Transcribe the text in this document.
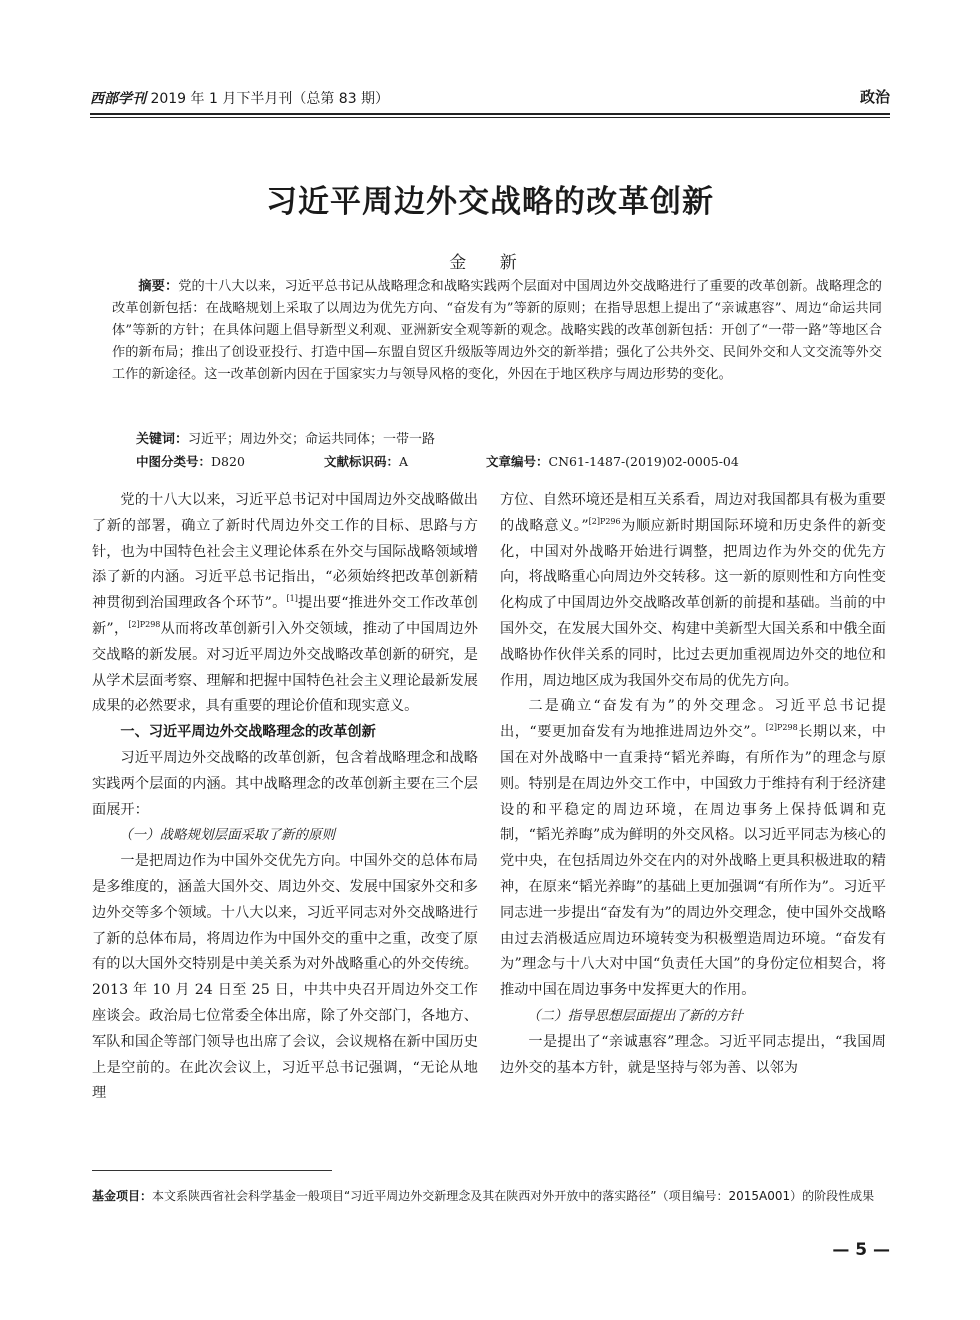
西部学刊 2019 年 1 月下半月刊（总第 83 期）	政治
习近平周边外交战略的改革创新
金 新

摘要：党的十八大以来，习近平总书记从战略理念和战略实践两个层面对中国周边外交战略进行了重要的改革创新。战略理念的改革创新包括：在战略规划上采取了以周边为优先方向、“奋发有为”等新的原则；在指导思想上提出了“亲诚惠容”、周边“命运共同体”等新的方针；在具体问题上倡导新型义利观、亚洲新安全观等新的观念。战略实践的改革创新包括：开创了“一带一路”等地区合作的新布局；推出了创设亚投行、打造中国—东盟自贸区升级版等周边外交的新举措；强化了公共外交、民间外交和人文交流等外交工作的新途径。这一改革创新内因在于国家实力与领导风格的变化，外因在于地区秩序与周边形势的变化。

关键词：习近平；周边外交；命运共同体；一带一路
中图分类号：D820	文献标识码：A	文章编号：CN61-1487-(2019)02-0005-04

党的十八大以来，习近平总书记对中国周边外交战略做出了新的部署，确立了新时代周边外交工作的目标、思路与方针，也为中国特色社会主义理论体系在外交与国际战略领域增添了新的内涵。习近平总书记指出，“必须始终把改革创新精神贯彻到治国理政各个环节”。[1]提出要“推进外交工作改革创新”，$^{[2]P298}$从而将改革创新引入外交领域，推动了中国周边外交战略的新发展。对习近平周边外交战略改革创新的研究，是从学术层面考察、理解和把握中国特色社会主义理论最新发展成果的必然要求，具有重要的理论价值和现实意义。

一、习近平周边外交战略理念的改革创新

习近平周边外交战略的改革创新，包含着战略理念和战略实践两个层面的内涵。其中战略理念的改革创新主要在三个层面展开：

（一）战略规划层面采取了新的原则

一是把周边作为中国外交优先方向。中国外交的总体布局是多维度的，涵盖大国外交、周边外交、发展中国家外交和多边外交等多个领域。十八大以来，习近平同志对外交战略进行了新的总体布局，将周边作为中国外交的重中之重，改变了原有的以大国外交特别是中美关系为对外战略重心的外交传统。2013 年 10 月 24 日至 25 日，中共中央召开周边外交工作座谈会。政治局七位常委全体出席，除了外交部门，各地方、军队和国企等部门领导也出席了会议，会议规格在新中国历史上是空前的。在此次会议上，习近平总书记强调，“无论从地理

方位、自然环境还是相互关系看，周边对我国都具有极为重要的战略意义。”$^{[2]P296}$为顺应新时期国际环境和历史条件的新变化，中国对外战略开始进行调整，把周边作为外交的优先方向，将战略重心向周边外交转移。这一新的原则性和方向性变化构成了中国周边外交战略改革创新的前提和基础。当前的中国外交，在发展大国外交、构建中美新型大国关系和中俄全面战略协作伙伴关系的同时，比过去更加重视周边外交的地位和作用，周边地区成为我国外交布局的优先方向。

二是确立“奋发有为”的外交理念。习近平总书记提出，“要更加奋发有为地推进周边外交”。$^{[2]P298}$长期以来，中国在对外战略中一直秉持“韬光养晦，有所作为”的理念与原则。特别是在周边外交工作中，中国致力于维持有利于经济建设的和平稳定的周边环境，在周边事务上保持低调和克制，“韬光养晦”成为鲜明的外交风格。以习近平同志为核心的党中央，在包括周边外交在内的对外战略上更具积极进取的精神，在原来“韬光养晦”的基础上更加强调“有所作为”。习近平同志进一步提出“奋发有为”的周边外交理念，使中国外交战略由过去消极适应周边环境转变为积极塑造周边环境。“奋发有为”理念与十八大对中国“负责任大国”的身份定位相契合，将推动中国在周边事务中发挥更大的作用。

（二）指导思想层面提出了新的方针

一是提出了“亲诚惠容”理念。习近平同志提出，“我国周边外交的基本方针，就是坚持与邻为善、以邻为

基金项目：本文系陕西省社会科学基金一般项目“习近平周边外交新理念及其在陕西对外开放中的落实路径”（项目编号：2015A001）的阶段性成果
— 5 —
